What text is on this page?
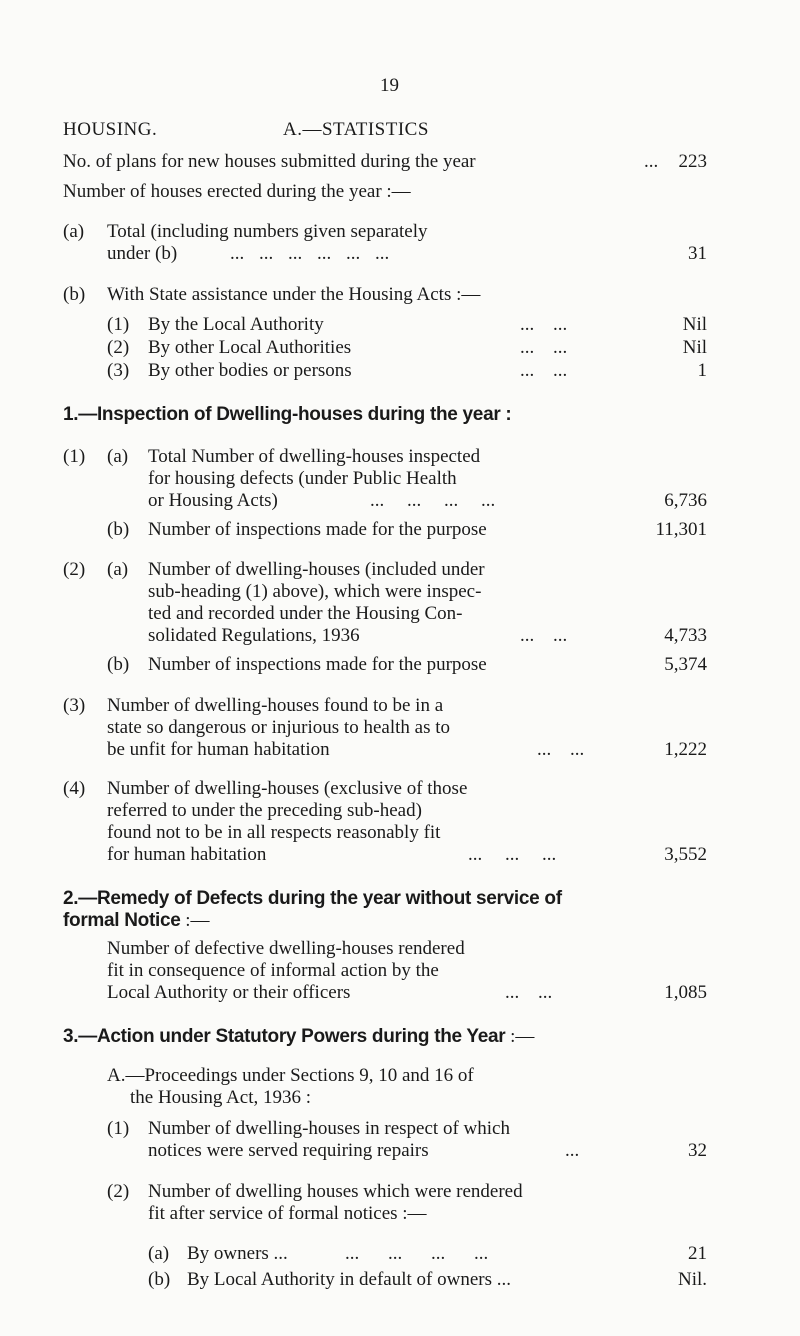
19
HOUSING.	A.—STATISTICS
No. of plans for new houses submitted during the year	...	223
Number of houses erected during the year :—
(a) Total (including numbers given separately
under (b)	... ... ... ... ... ...	31
(b) With State assistance under the Housing Acts :—
(1) By the Local Authority	... ...	Nil
(2) By other Local Authorities	... ...	Nil
(3) By other bodies or persons	... ...	1
1.—Inspection of Dwelling-houses during the year :
(1) (a) Total Number of dwelling-houses inspected
for housing defects (under Public Health
or Housing Acts)	... ... ... ...	6,736
(b) Number of inspections made for the purpose	11,301
(2) (a) Number of dwelling-houses (included under
sub-heading (1) above), which were inspec-
ted and recorded under the Housing Con-
solidated Regulations, 1936	... ...	4,733
(b) Number of inspections made for the purpose	5,374
(3) Number of dwelling-houses found to be in a
state so dangerous or injurious to health as to
be unfit for human habitation	... ...	1,222
(4) Number of dwelling-houses (exclusive of those
referred to under the preceding sub-head)
found not to be in all respects reasonably fit
for human habitation	... ... ...	3,552
2.—Remedy of Defects during the year without service of
formal Notice :—
Number of defective dwelling-houses rendered
fit in consequence of informal action by the
Local Authority or their officers	... ...	1,085
3.—Action under Statutory Powers during the Year :—
A.—Proceedings under Sections 9, 10 and 16 of
the Housing Act, 1936 :
(1) Number of dwelling-houses in respect of which
notices were served requiring repairs	...	32
(2) Number of dwelling houses which were rendered
fit after service of formal notices :—
(a) By owners ...	... ... ... ...	21
(b) By Local Authority in default of owners ...	Nil.
